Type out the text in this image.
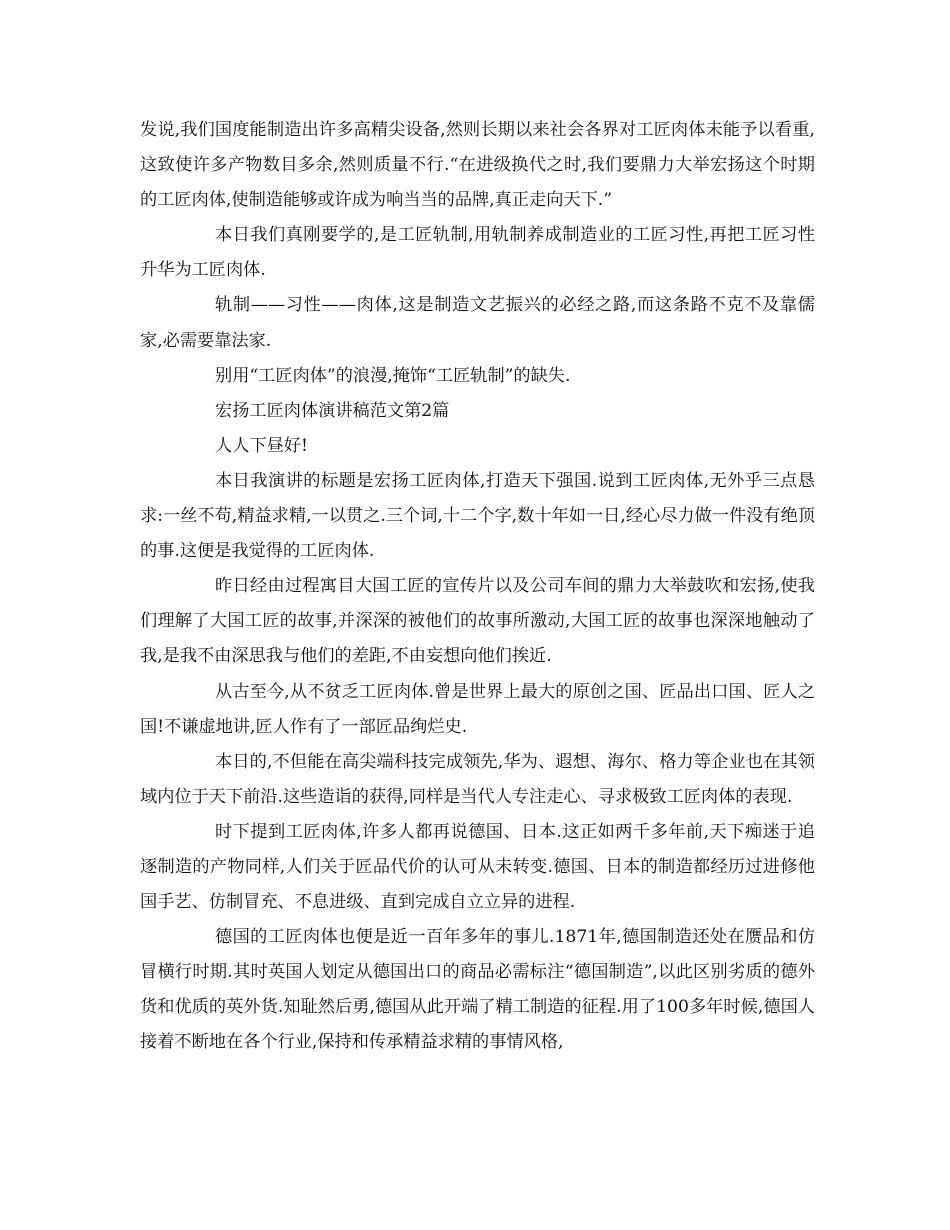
发说,我们国度能制造出许多高精尖设备,然则长期以来社会各界对工匠肉体未能予以看重,这致使许多产物数目多余,然则质量不行.“在进级换代之时,我们要鼎力大举宏扬这个时期的工匠肉体,使制造能够或许成为响当当的品牌,真正走向天下.”

本日我们真刚要学的,是工匠轨制,用轨制养成制造业的工匠习性,再把工匠习性升华为工匠肉体.

轨制——习性——肉体,这是制造文艺振兴的必经之路,而这条路不克不及靠儒家,必需要靠法家.

别用“工匠肉体”的浪漫,掩饰“工匠轨制”的缺失.

宏扬工匠肉体演讲稿范文第2篇

人人下昼好!

本日我演讲的标题是宏扬工匠肉体,打造天下强国.说到工匠肉体,无外乎三点恳求:一丝不苟,精益求精,一以贯之.三个词,十二个字,数十年如一日,经心尽力做一件没有绝顶的事.这便是我觉得的工匠肉体.

昨日经由过程寓目大国工匠的宣传片以及公司车间的鼎力大举鼓吹和宏扬,使我们理解了大国工匠的故事,并深深的被他们的故事所激动,大国工匠的故事也深深地触动了我,是我不由深思我与他们的差距,不由妄想向他们挨近.

从古至今,从不贫乏工匠肉体.曾是世界上最大的原创之国、匠品出口国、匠人之国!不谦虚地讲,匠人作有了一部匠品绚烂史.

本日的,不但能在高尖端科技完成领先,华为、遐想、海尔、格力等企业也在其领域内位于天下前沿.这些造诣的获得,同样是当代人专注走心、寻求极致工匠肉体的表现.

时下提到工匠肉体,许多人都再说德国、日本.这正如两千多年前,天下痴迷于追逐制造的产物同样,人们关于匠品代价的认可从未转变.德国、日本的制造都经历过进修他国手艺、仿制冒充、不息进级、直到完成自立立异的进程.

德国的工匠肉体也便是近一百年多年的事儿.1871年,德国制造还处在赝品和仿冒横行时期.其时英国人划定从德国出口的商品必需标注“德国制造”,以此区别劣质的德外货和优质的英外货.知耻然后勇,德国从此开端了精工制造的征程.用了100多年时候,德国人接着不断地在各个行业,保持和传承精益求精的事情风格,
